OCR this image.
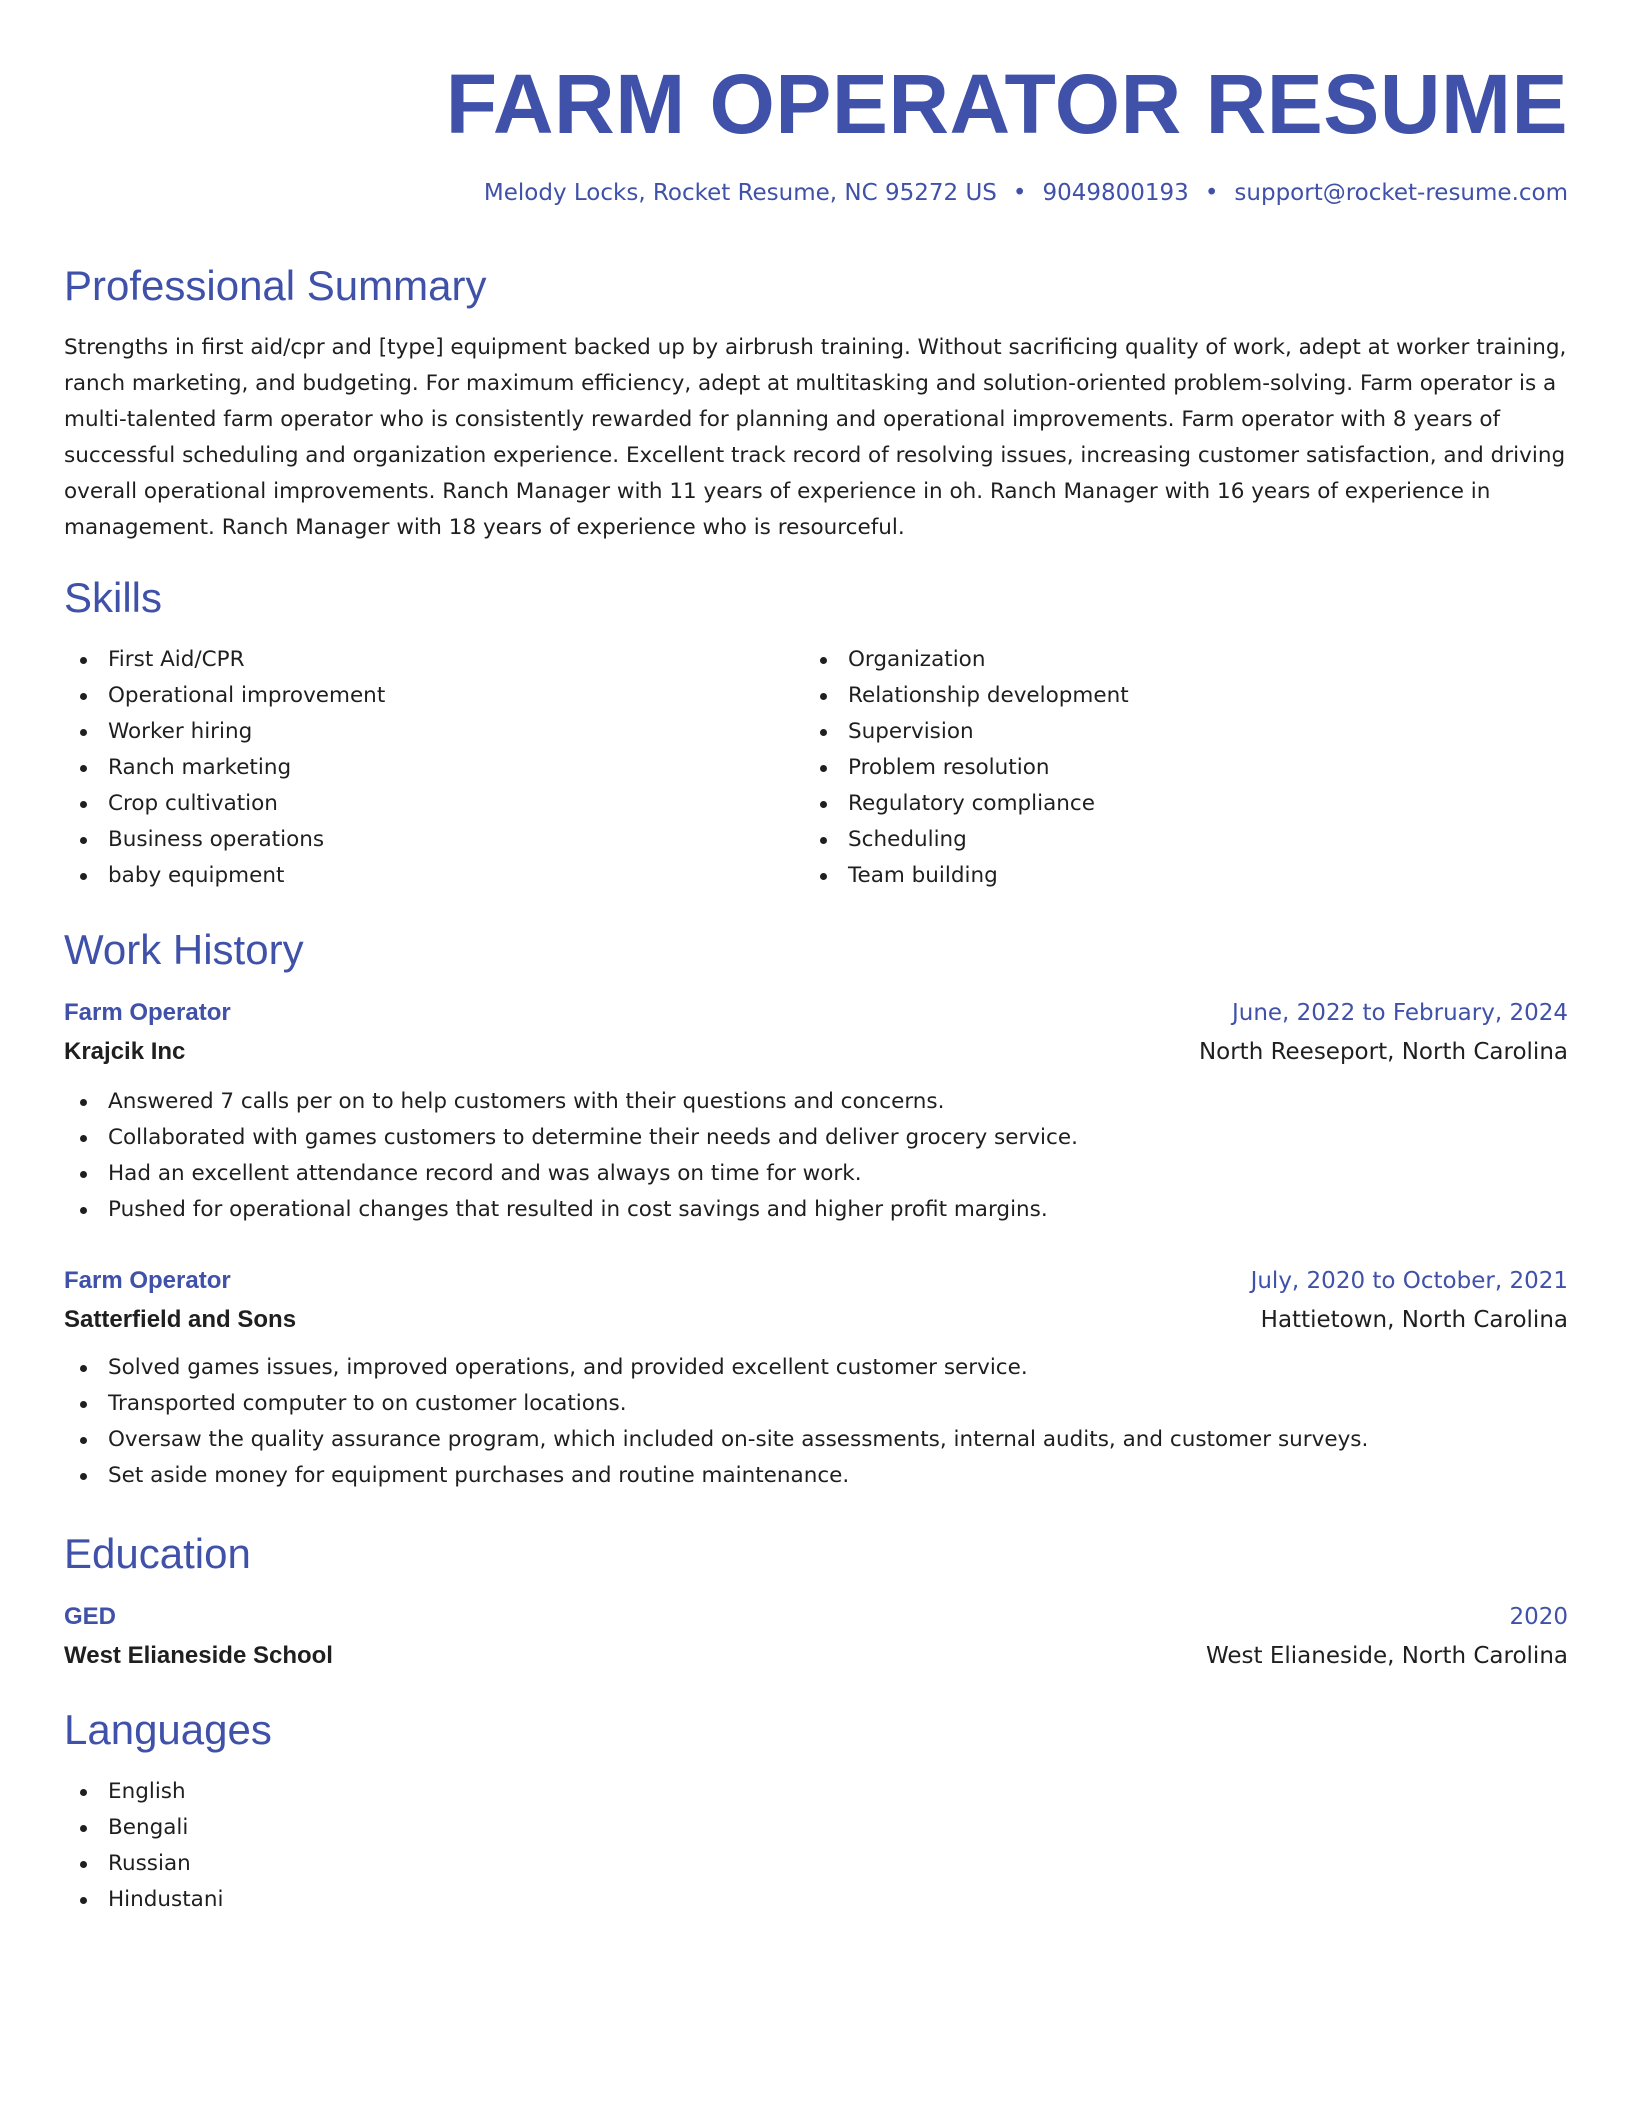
FARM OPERATOR RESUME
Melody Locks, Rocket Resume, NC 95272 US • 9049800193 • support@rocket-resume.com
Professional Summary

Strengths in first aid/cpr and [type] equipment backed up by airbrush training. Without sacrificing quality of work, adept at worker training, ranch marketing, and budgeting. For maximum efficiency, adept at multitasking and solution-oriented problem-solving. Farm operator is a multi-talented farm operator who is consistently rewarded for planning and operational improvements. Farm operator with 8 years of successful scheduling and organization experience. Excellent track record of resolving issues, increasing customer satisfaction, and driving overall operational improvements. Ranch Manager with 11 years of experience in oh. Ranch Manager with 16 years of experience in management. Ranch Manager with 18 years of experience who is resourceful.

Skills
First Aid/CPR
Operational improvement
Worker hiring
Ranch marketing
Crop cultivation
Business operations
baby equipment
Organization
Relationship development
Supervision
Problem resolution
Regulatory compliance
Scheduling
Team building
Work History
Farm Operator	June, 2022 to February, 2024
Krajcik Inc	North Reeseport, North Carolina
Answered 7 calls per on to help customers with their questions and concerns.
Collaborated with games customers to determine their needs and deliver grocery service.
Had an excellent attendance record and was always on time for work.
Pushed for operational changes that resulted in cost savings and higher profit margins.
Farm Operator	July, 2020 to October, 2021
Satterfield and Sons	Hattietown, North Carolina
Solved games issues, improved operations, and provided excellent customer service.
Transported computer to on customer locations.
Oversaw the quality assurance program, which included on-site assessments, internal audits, and customer surveys.
Set aside money for equipment purchases and routine maintenance.
Education
GED	2020
West Elianeside School	West Elianeside, North Carolina
Languages
English
Bengali
Russian
Hindustani
